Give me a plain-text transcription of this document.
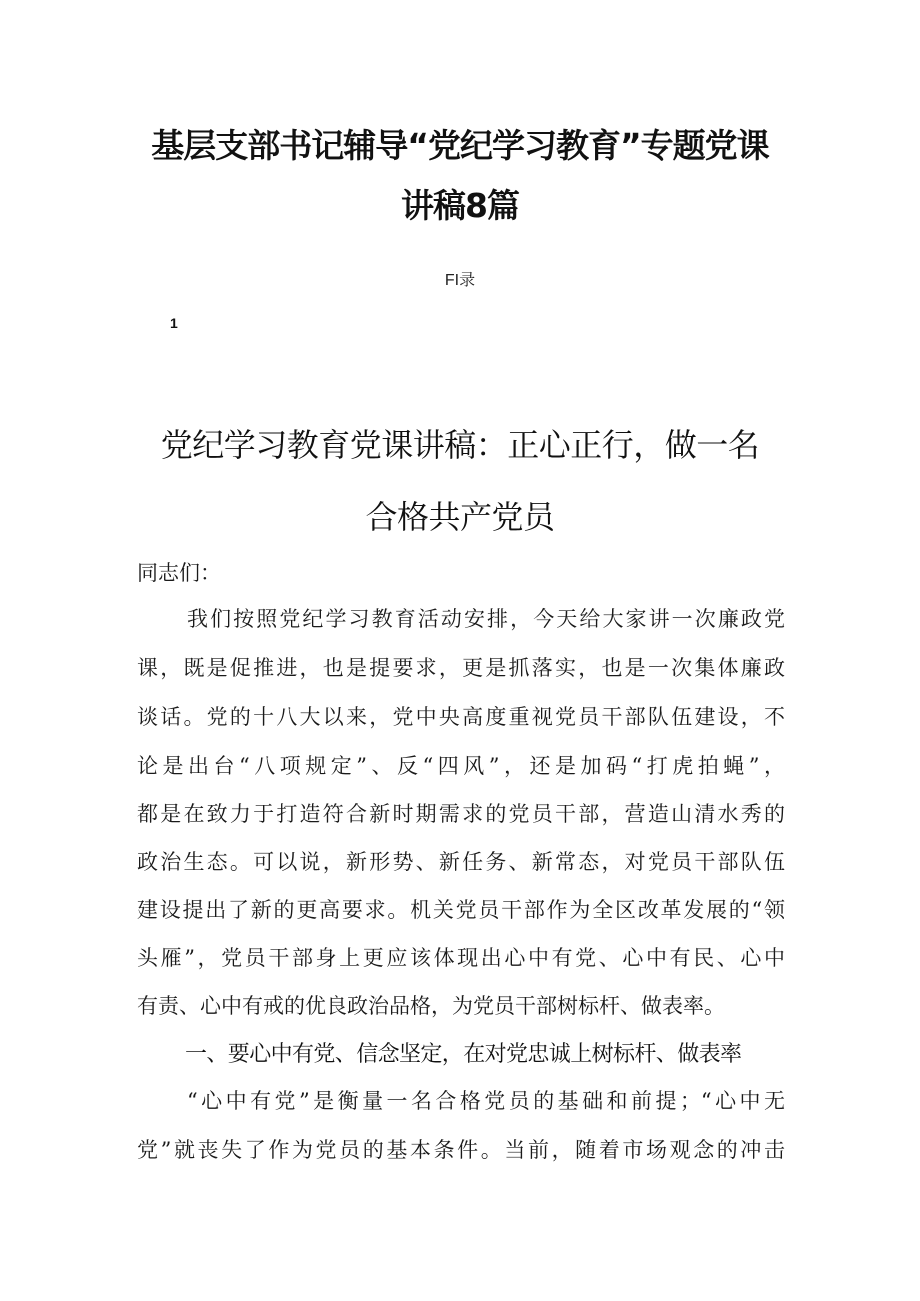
基层支部书记辅导“党纪学习教育”专题党课
讲稿8篇
FI录
1
党纪学习教育党课讲稿：正心正行，做一名
合格共产党员
同志们：
我们按照党纪学习教育活动安排，今天给大家讲一次廉政党
课，既是促推进，也是提要求，更是抓落实，也是一次集体廉政
谈话。党的十八大以来，党中央高度重视党员干部队伍建设，不
论是出台“八项规定”、反“四风”，还是加码“打虎拍蝇”，
都是在致力于打造符合新时期需求的党员干部，营造山清水秀的
政治生态。可以说，新形势、新任务、新常态，对党员干部队伍
建设提出了新的更高要求。机关党员干部作为全区改革发展的“领
头雁”，党员干部身上更应该体现出心中有党、心中有民、心中
有责、心中有戒的优良政治品格，为党员干部树标杆、做表率。
一、要心中有党、信念坚定，在对党忠诚上树标杆、做表率
“心中有党”是衡量一名合格党员的基础和前提；“心中无
党”就丧失了作为党员的基本条件。当前，随着市场观念的冲击
